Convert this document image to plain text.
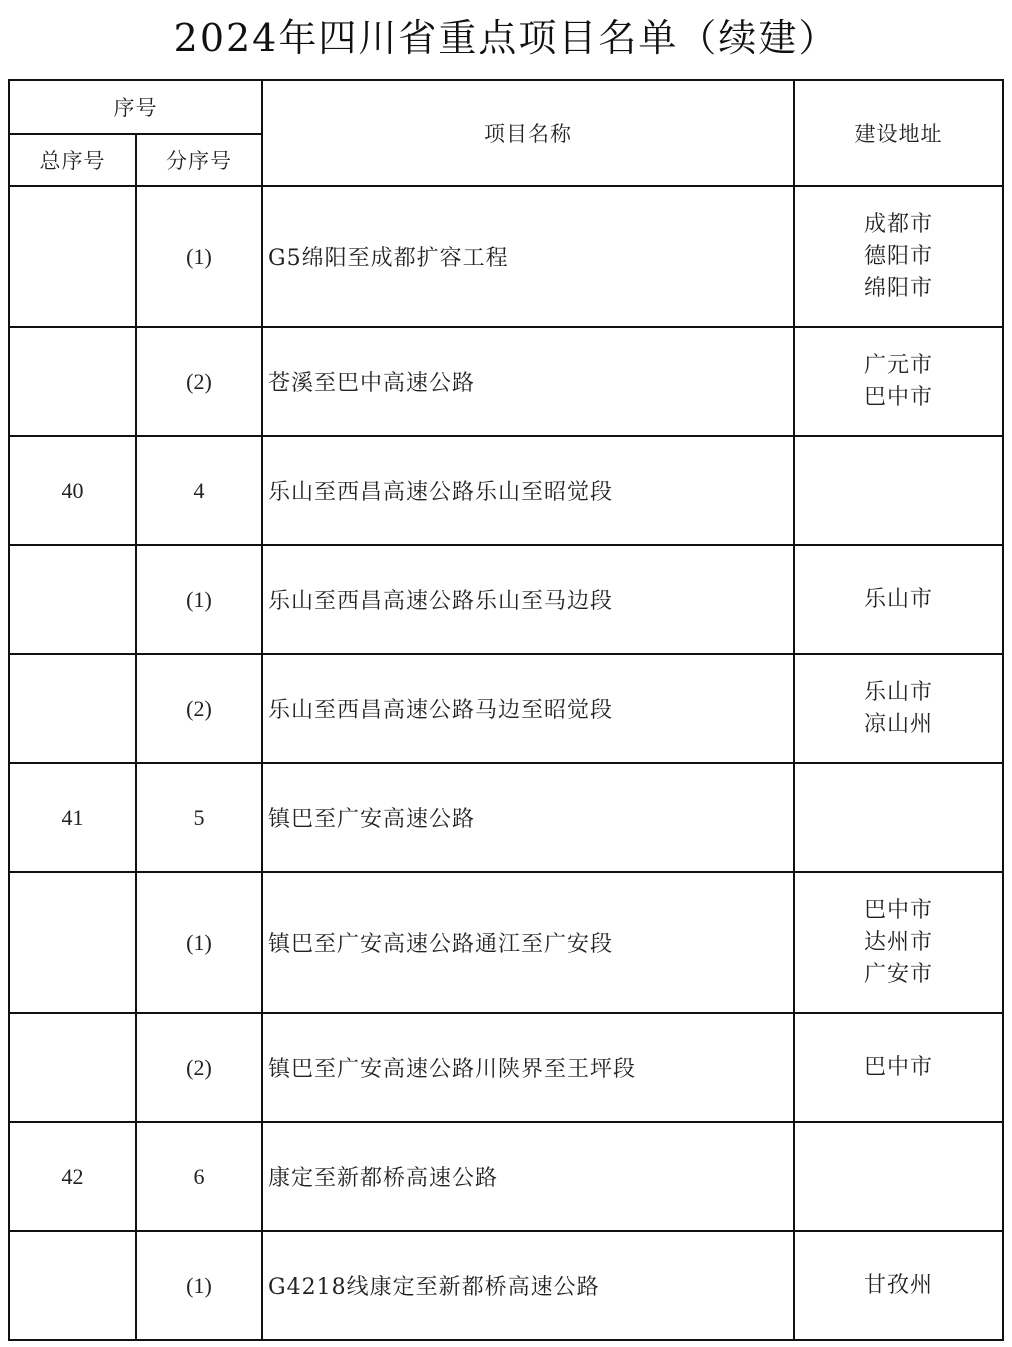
2024年四川省重点项目名单（续建）
序号		项目名称	建设地址
总序号	分序号		
	(1)	G5绵阳至成都扩容工程	成都市
德阳市
绵阳市

	(2)	苍溪至巴中高速公路	广元市
巴中市

40	4	乐山至西昌高速公路乐山至昭觉段	
	(1)	乐山至西昌高速公路乐山至马边段	乐山市

	(2)	乐山至西昌高速公路马边至昭觉段	乐山市
凉山州

41	5	镇巴至广安高速公路	
	(1)	镇巴至广安高速公路通江至广安段	巴中市
达州市
广安市

	(2)	镇巴至广安高速公路川陕界至王坪段	巴中市

42	6	康定至新都桥高速公路	
	(1)	G4218线康定至新都桥高速公路	甘孜州
